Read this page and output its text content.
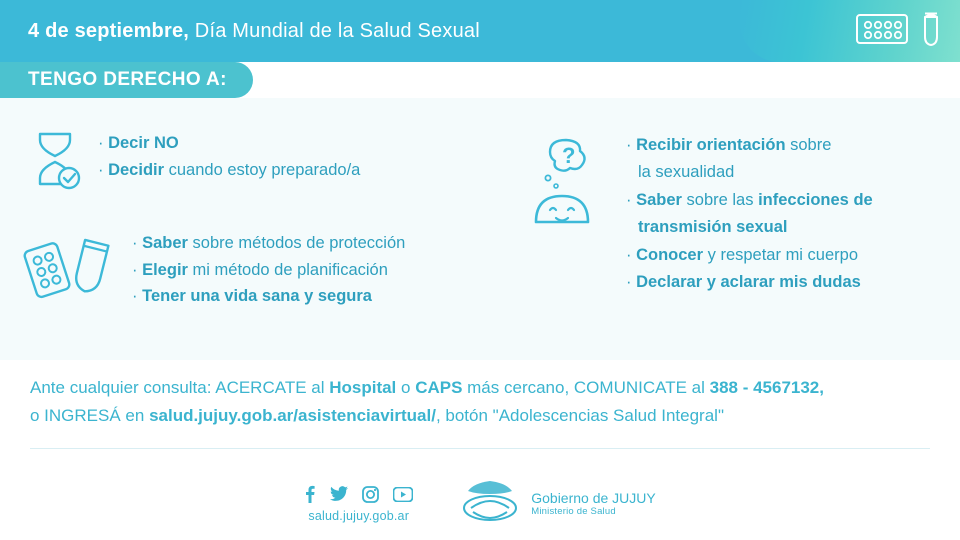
4 de septiembre, Día Mundial de la Salud Sexual
TENGO DERECHO A:
· Decir NO
· Decidir cuando estoy preparado/a
· Saber sobre métodos de protección
· Elegir mi método de planificación
· Tener una vida sana y segura
?	· Recibir orientación sobre
la sexualidad
· Saber sobre las infecciones de
transmisión sexual
· Conocer y respetar mi cuerpo
· Declarar y aclarar mis dudas

Ante cualquier consulta: ACERCATE al Hospital o CAPS más cercano, COMUNICATE al 388 - 4567132,

o INGRESÁ en salud.jujuy.gob.ar/asistenciavirtual/, botón "Adolescencias Salud Integral"

salud.jujuy.gob.ar
Gobierno de JUJUY
Ministerio de Salud
